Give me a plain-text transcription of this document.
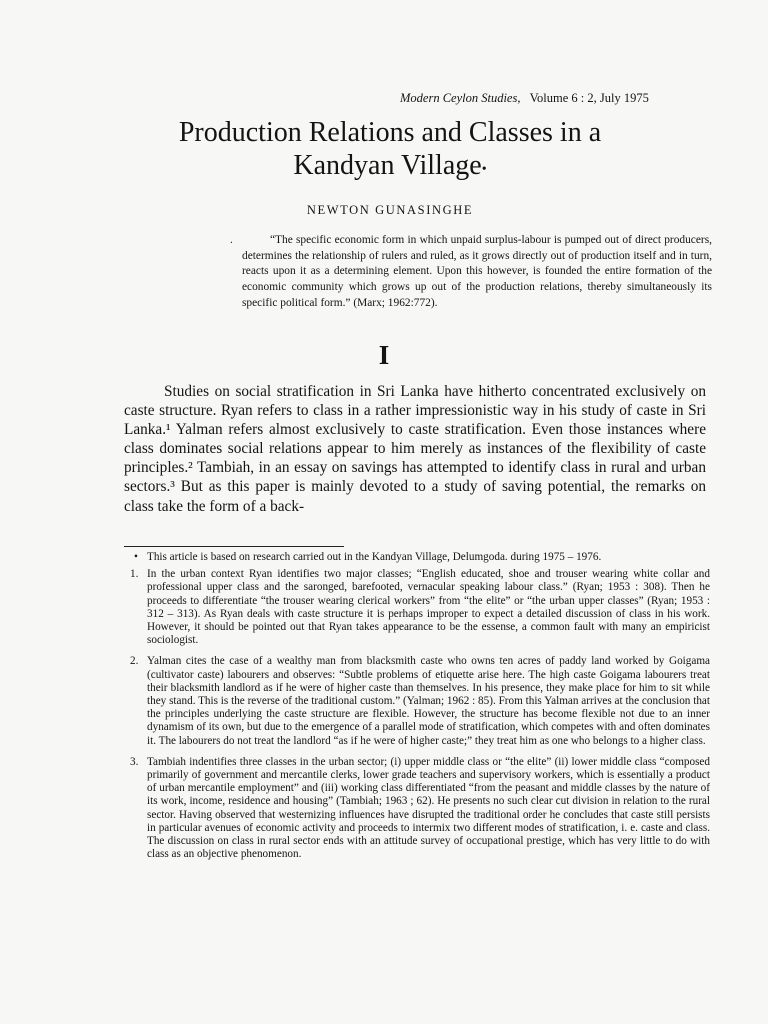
Modern Ceylon Studies, Volume 6 : 2, July 1975
Production Relations and Classes in a
Kandyan Village•
NEWTON GUNASINGHE
.	“The specific economic form in which unpaid surplus-labour is pumped out of direct producers, determines the relationship of rulers and ruled, as it grows directly out of production itself and in turn, reacts upon it as a determining element. Upon this however, is founded the entire formation of the economic community which grows up out of the production relations, thereby simultaneously its specific political form.” (Marx; 1962:772).

I

Studies on social stratification in Sri Lanka have hitherto concentrated exclusively on caste structure. Ryan refers to class in a rather impressionistic way in his study of caste in Sri Lanka.¹ Yalman refers almost exclusively to caste stratification. Even those instances where class dominates social relations appear to him merely as instances of the flexibility of caste principles.² Tambiah, in an essay on savings has attempted to identify class in rural and urban sectors.³ But as this paper is mainly devoted to a study of saving potential, the remarks on class take the form of a back-

• This article is based on research carried out in the Kandyan Village, Delumgoda. during 1975 – 1976.
1. In the urban context Ryan identifies two major classes; “English educated, shoe and trouser wearing white collar and professional upper class and the saronged, barefooted, vernacular speaking labour class.” (Ryan; 1953 : 308). Then he proceeds to differentiate “the trouser wearing clerical workers” from “the elite” or “the urban upper classes” (Ryan; 1953 : 312 – 313). As Ryan deals with caste structure it is perhaps improper to expect a detailed discussion of class in his work. However, it should be pointed out that Ryan takes appearance to be the essense, a common fault with many an empiricist sociologist.
2. Yalman cites the case of a wealthy man from blacksmith caste who owns ten acres of paddy land worked by Goigama (cultivator caste) labourers and observes: “Subtle problems of etiquette arise here. The high caste Goigama labourers treat their blacksmith landlord as if he were of higher caste than themselves. In his presence, they make place for him to sit while they stand. This is the reverse of the traditional custom.” (Yalman; 1962 : 85). From this Yalman arrives at the conclusion that the principles underlying the caste structure are flexible. However, the structure has become flexible not due to an inner dynamism of its own, but due to the emergence of a parallel mode of stratification, which competes with and often dominates it. The labourers do not treat the landlord “as if he were of higher caste;” they treat him as one who belongs to a higher class.
3. Tambiah indentifies three classes in the urban sector; (i) upper middle class or “the elite” (ii) lower middle class “composed primarily of government and mercantile clerks, lower grade teachers and supervisory workers, which is essentially a product of urban mercantile employment” and (iii) working class differentiated “from the peasant and middle classes by the nature of its work, income, residence and housing” (Tambiah; 1963 ; 62). He presents no such clear cut division in relation to the rural sector. Having observed that westernizing influences have disrupted the traditional order he concludes that caste still persists in particular avenues of economic activity and proceeds to intermix two different modes of stratification, i. e. caste and class. The discussion on class in rural sector ends with an attitude survey of occupational prestige, which has very little to do with class as an objective phenomenon.
